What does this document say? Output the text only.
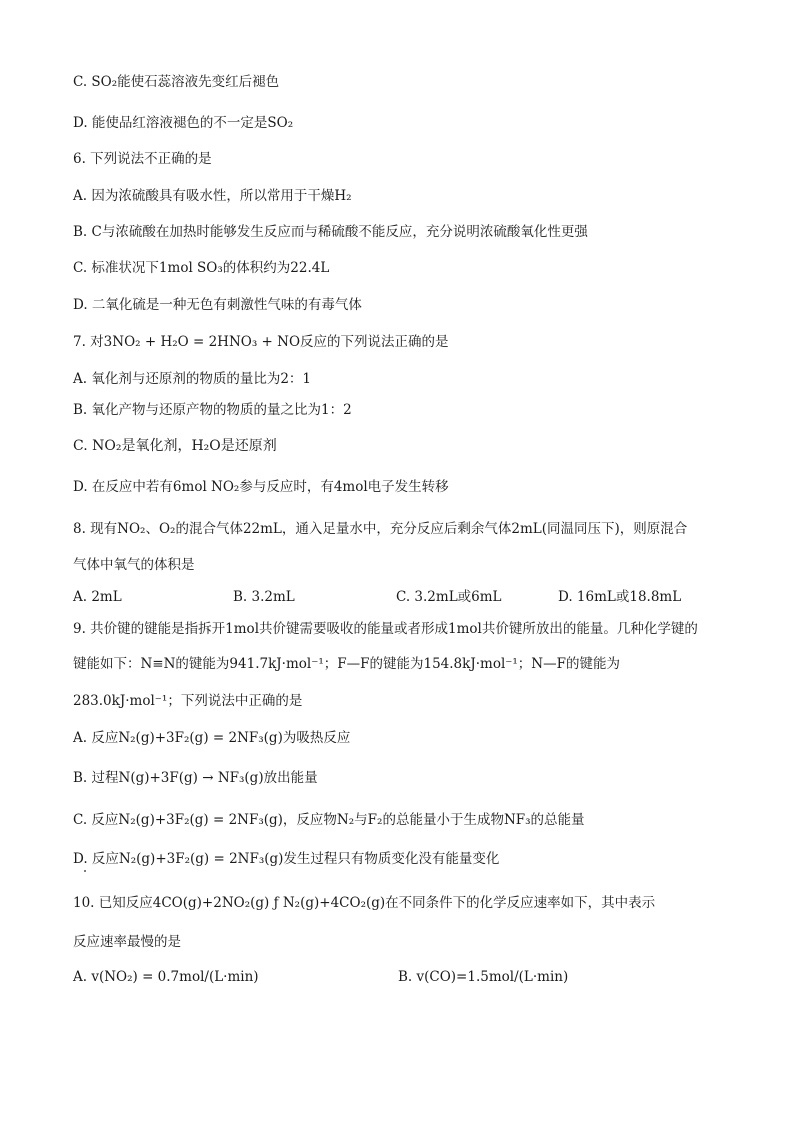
C. SO₂能使石蕊溶液先变红后褪色
D. 能使品红溶液褪色的不一定是SO₂
6. 下列说法不正确的是
A. 因为浓硫酸具有吸水性，所以常用于干燥H₂
B. C与浓硫酸在加热时能够发生反应而与稀硫酸不能反应，充分说明浓硫酸氧化性更强
C. 标准状况下1mol SO₃的体积约为22.4L
D. 二氧化硫是一种无色有刺激性气味的有毒气体
7. 对3NO₂ + H₂O = 2HNO₃ + NO反应的下列说法正确的是
A. 氧化剂与还原剂的物质的量比为2：1
B. 氧化产物与还原产物的物质的量之比为1：2
C. NO₂是氧化剂，H₂O是还原剂
D. 在反应中若有6mol NO₂参与反应时，有4mol电子发生转移
8. 现有NO₂、O₂的混合气体22mL，通入足量水中，充分反应后剩余气体2mL(同温同压下)，则原混合
气体中氧气的体积是
A. 2mL	B. 3.2mL	C. 3.2mL或6mL	D. 16mL或18.8mL
9. 共价键的键能是指拆开1mol共价键需要吸收的能量或者形成1mol共价键所放出的能量。几种化学键的
键能如下：N≡N的键能为941.7kJ·mol⁻¹；F—F的键能为154.8kJ·mol⁻¹；N—F的键能为
283.0kJ·mol⁻¹；下列说法中正确的是
A. 反应N₂(g)+3F₂(g) = 2NF₃(g)为吸热反应
B. 过程N(g)+3F(g) → NF₃(g)放出能量
C. 反应N₂(g)+3F₂(g) = 2NF₃(g)，反应物N₂与F₂的总能量小于生成物NF₃的总能量
D. 反应N₂(g)+3F₂(g) = 2NF₃(g)发生过程只有物质变化没有能量变化
10. 已知反应4CO(g)+2NO₂(g) ƒ N₂(g)+4CO₂(g)在不同条件下的化学反应速率如下，其中表示
反应速率最慢的是
A. v(NO₂) = 0.7mol/(L·min)	B. v(CO)=1.5mol/(L·min)
